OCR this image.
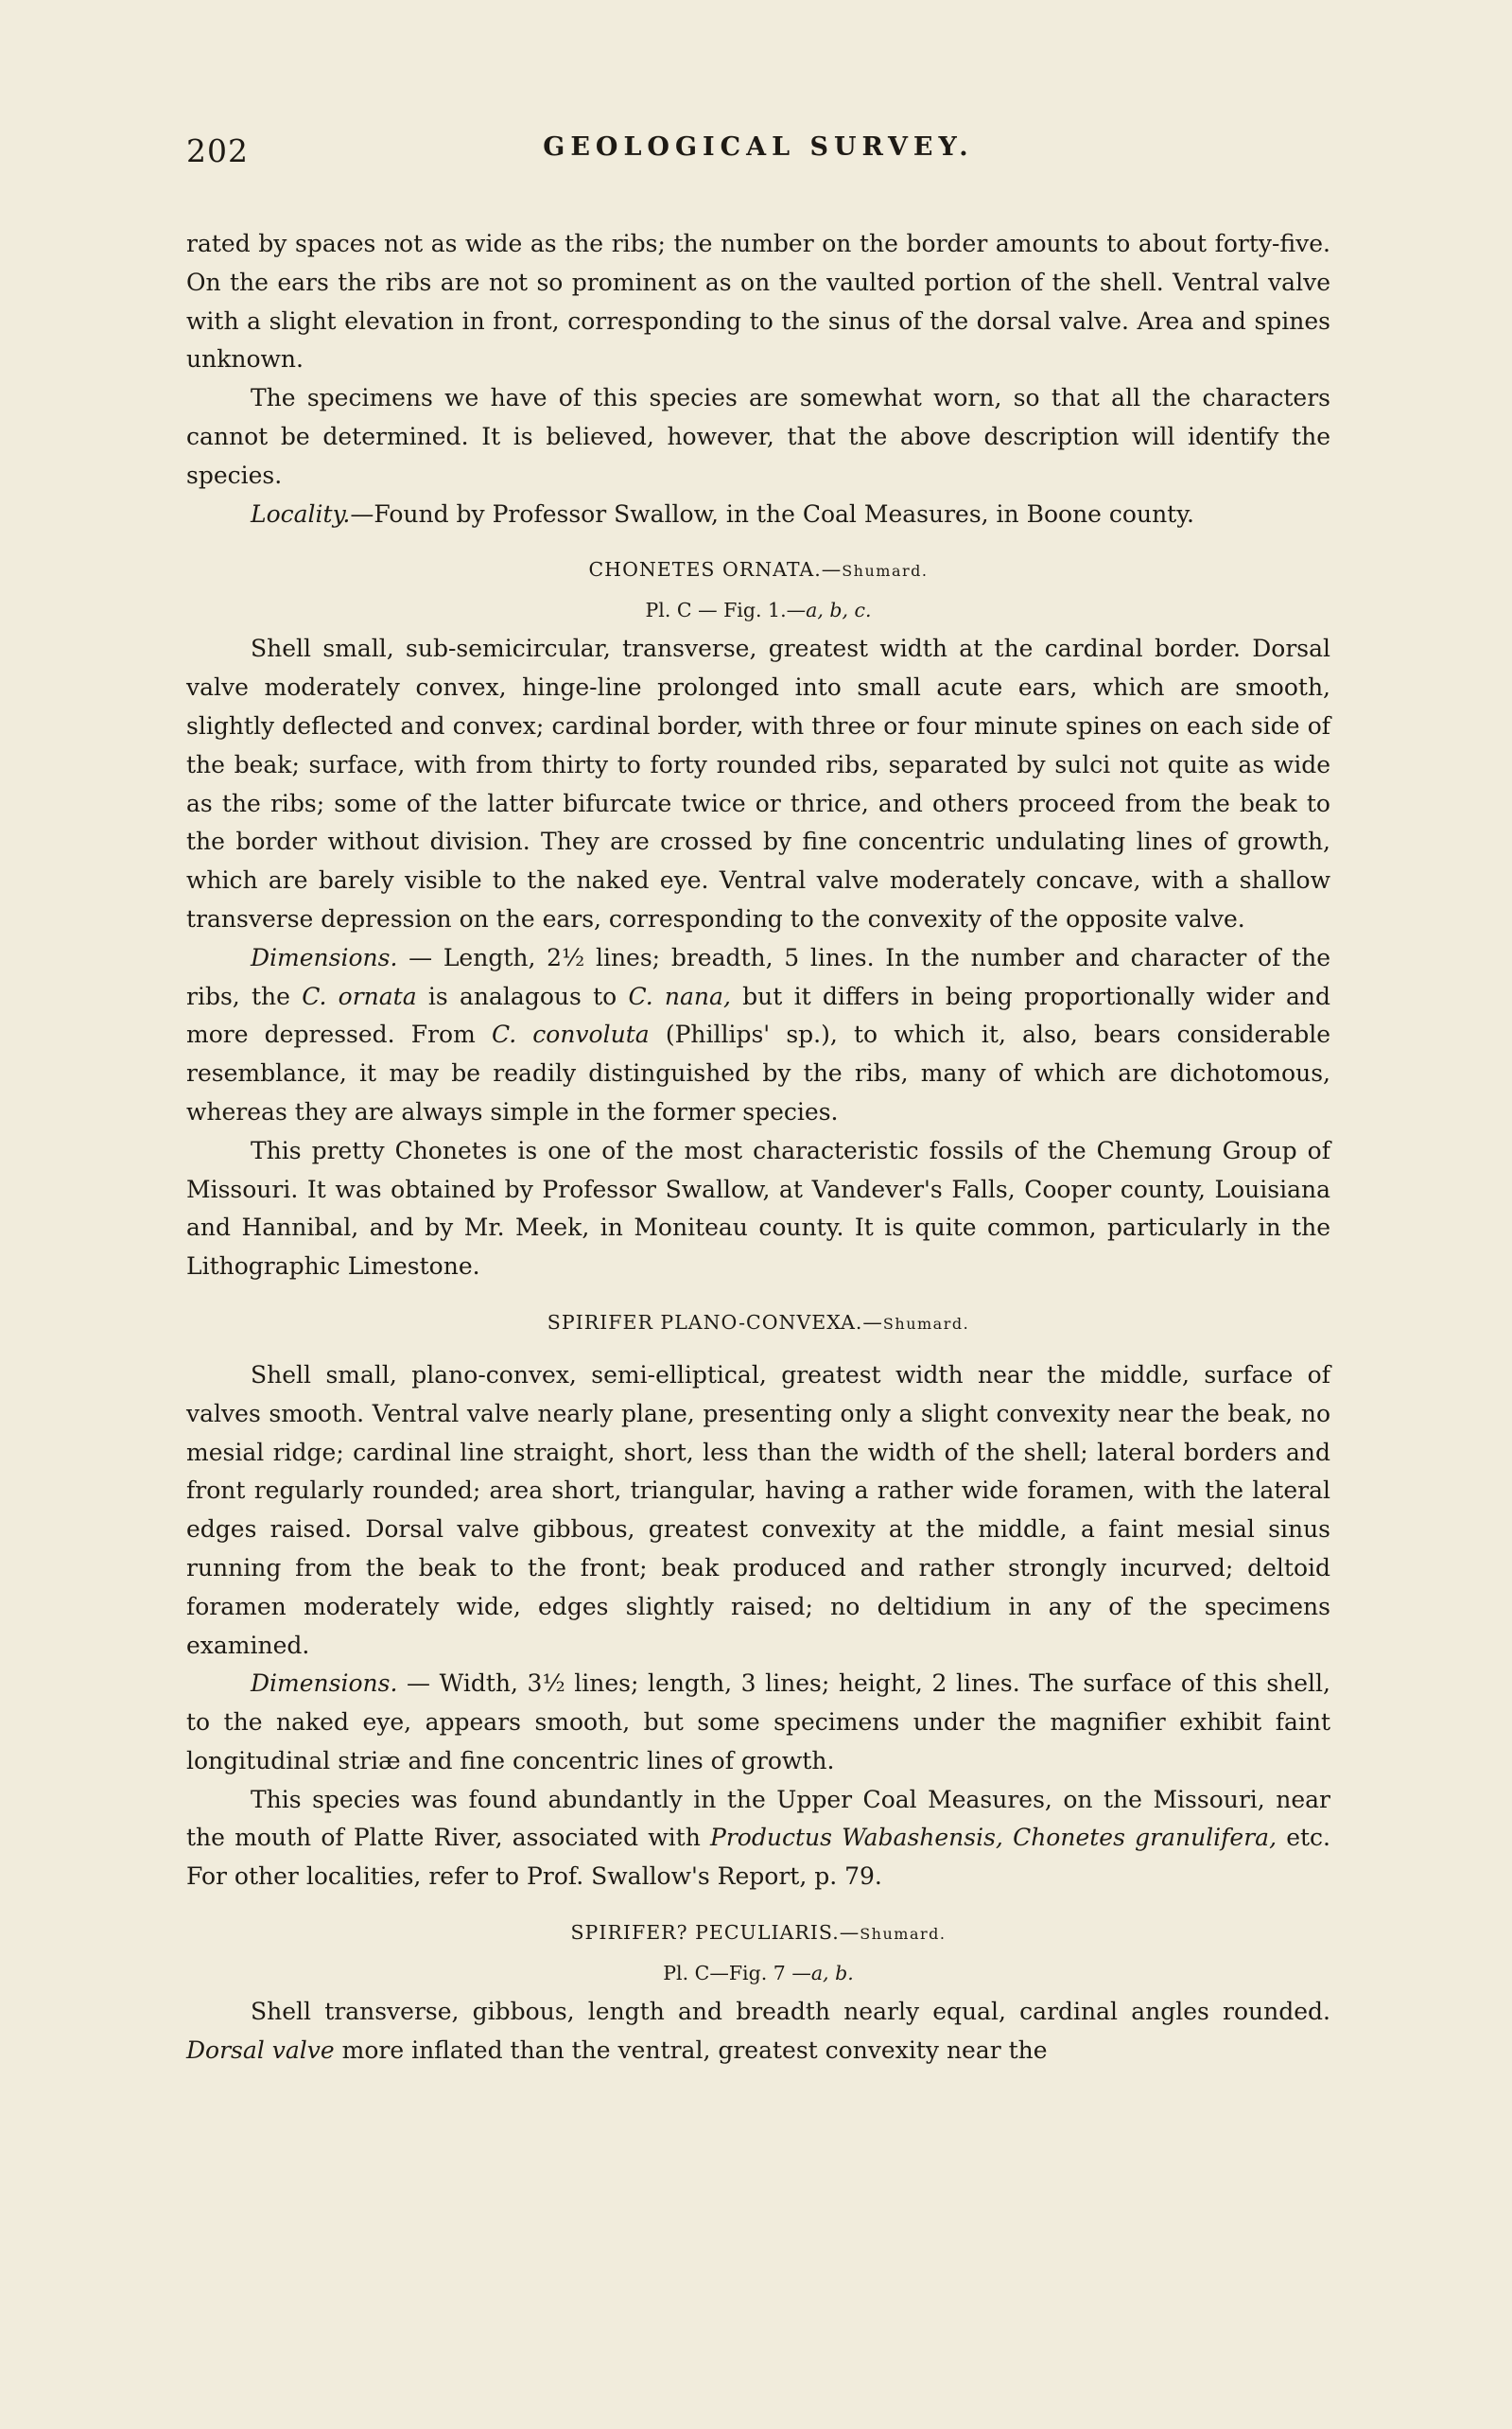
202	GEOLOGICAL SURVEY.

rated by spaces not as wide as the ribs; the number on the border amounts to about forty-five. On the ears the ribs are not so prominent as on the vaulted portion of the shell. Ventral valve with a slight elevation in front, corresponding to the sinus of the dorsal valve. Area and spines unknown.

The specimens we have of this species are somewhat worn, so that all the characters cannot be determined. It is believed, however, that the above description will identify the species.

Locality.—Found by Professor Swallow, in the Coal Measures, in Boone county.

CHONETES ORNATA.—Shumard.
Pl. C — Fig. 1.—a, b, c.

Shell small, sub-semicircular, transverse, greatest width at the cardinal border. Dorsal valve moderately convex, hinge-line prolonged into small acute ears, which are smooth, slightly deflected and convex; cardinal border, with three or four minute spines on each side of the beak; surface, with from thirty to forty rounded ribs, separated by sulci not quite as wide as the ribs; some of the latter bifurcate twice or thrice, and others proceed from the beak to the border without division. They are crossed by fine concentric undulating lines of growth, which are barely visible to the naked eye. Ventral valve moderately concave, with a shallow transverse depression on the ears, corresponding to the convexity of the opposite valve.

Dimensions. — Length, 2½ lines; breadth, 5 lines. In the number and character of the ribs, the C. ornata is analagous to C. nana, but it differs in being proportionally wider and more depressed. From C. convoluta (Phillips' sp.), to which it, also, bears considerable resemblance, it may be readily distinguished by the ribs, many of which are dichotomous, whereas they are always simple in the former species.

This pretty Chonetes is one of the most characteristic fossils of the Chemung Group of Missouri. It was obtained by Professor Swallow, at Vandever's Falls, Cooper county, Louisiana and Hannibal, and by Mr. Meek, in Moniteau county. It is quite common, particularly in the Lithographic Limestone.

SPIRIFER PLANO-CONVEXA.—Shumard.

Shell small, plano-convex, semi-elliptical, greatest width near the middle, surface of valves smooth. Ventral valve nearly plane, presenting only a slight convexity near the beak, no mesial ridge; cardinal line straight, short, less than the width of the shell; lateral borders and front regularly rounded; area short, triangular, having a rather wide foramen, with the lateral edges raised. Dorsal valve gibbous, greatest convexity at the middle, a faint mesial sinus running from the beak to the front; beak produced and rather strongly incurved; deltoid foramen moderately wide, edges slightly raised; no deltidium in any of the specimens examined.

Dimensions. — Width, 3½ lines; length, 3 lines; height, 2 lines. The surface of this shell, to the naked eye, appears smooth, but some specimens under the magnifier exhibit faint longitudinal striæ and fine concentric lines of growth.

This species was found abundantly in the Upper Coal Measures, on the Missouri, near the mouth of Platte River, associated with Productus Wabashensis, Chonetes granulifera, etc. For other localities, refer to Prof. Swallow's Report, p. 79.

SPIRIFER? PECULIARIS.—Shumard.
Pl. C—Fig. 7 —a, b.

Shell transverse, gibbous, length and breadth nearly equal, cardinal angles rounded. Dorsal valve more inflated than the ventral, greatest convexity near the
